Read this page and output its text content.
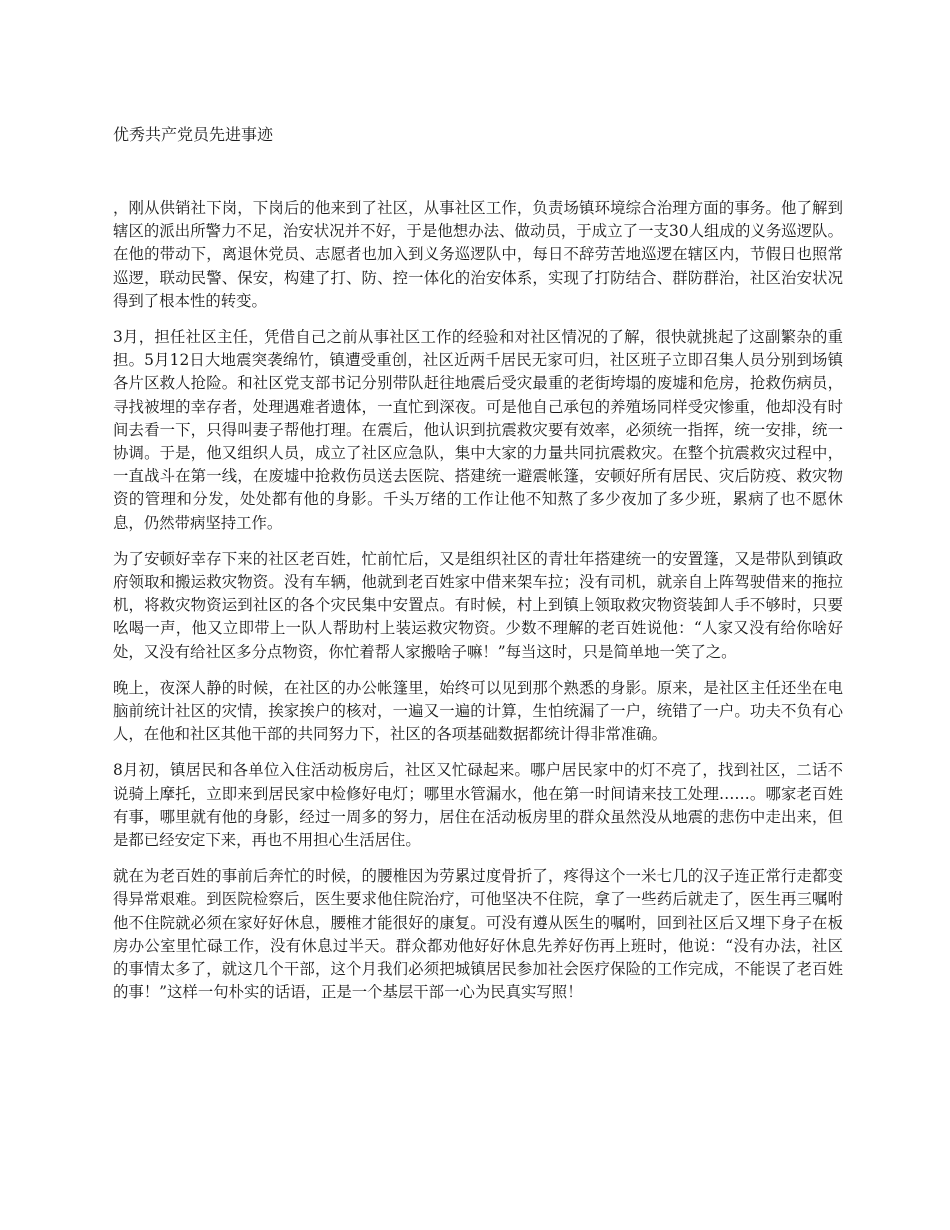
优秀共产党员先进事迹

，刚从供销社下岗，下岗后的他来到了社区，从事社区工作，负责场镇环境综合治理方面的事务。他了解到辖区的派出所警力不足，治安状况并不好，于是他想办法、做动员，于成立了一支30人组成的义务巡逻队。在他的带动下，离退休党员、志愿者也加入到义务巡逻队中，每日不辞劳苦地巡逻在辖区内，节假日也照常巡逻，联动民警、保安，构建了打、防、控一体化的治安体系，实现了打防结合、群防群治，社区治安状况得到了根本性的转变。

3月，担任社区主任，凭借自己之前从事社区工作的经验和对社区情况的了解，很快就挑起了这副繁杂的重担。5月12日大地震突袭绵竹，镇遭受重创，社区近两千居民无家可归，社区班子立即召集人员分别到场镇各片区救人抢险。和社区党支部书记分别带队赶往地震后受灾最重的老街垮塌的废墟和危房，抢救伤病员，寻找被埋的幸存者，处理遇难者遗体，一直忙到深夜。可是他自己承包的养殖场同样受灾惨重，他却没有时间去看一下，只得叫妻子帮他打理。在震后，他认识到抗震救灾要有效率，必须统一指挥，统一安排，统一协调。于是，他又组织人员，成立了社区应急队，集中大家的力量共同抗震救灾。在整个抗震救灾过程中，一直战斗在第一线，在废墟中抢救伤员送去医院、搭建统一避震帐篷，安顿好所有居民、灾后防疫、救灾物资的管理和分发，处处都有他的身影。千头万绪的工作让他不知熬了多少夜加了多少班，累病了也不愿休息，仍然带病坚持工作。

为了安顿好幸存下来的社区老百姓，忙前忙后，又是组织社区的青壮年搭建统一的安置篷，又是带队到镇政府领取和搬运救灾物资。没有车辆，他就到老百姓家中借来架车拉；没有司机，就亲自上阵驾驶借来的拖拉机，将救灾物资运到社区的各个灾民集中安置点。有时候，村上到镇上领取救灾物资装卸人手不够时，只要吆喝一声，他又立即带上一队人帮助村上装运救灾物资。少数不理解的老百姓说他：“人家又没有给你啥好处，又没有给社区多分点物资，你忙着帮人家搬啥子嘛！”每当这时，只是简单地一笑了之。

晚上，夜深人静的时候，在社区的办公帐篷里，始终可以见到那个熟悉的身影。原来，是社区主任还坐在电脑前统计社区的灾情，挨家挨户的核对，一遍又一遍的计算，生怕统漏了一户，统错了一户。功夫不负有心人，在他和社区其他干部的共同努力下，社区的各项基础数据都统计得非常准确。

8月初，镇居民和各单位入住活动板房后，社区又忙碌起来。哪户居民家中的灯不亮了，找到社区，二话不说骑上摩托，立即来到居民家中检修好电灯；哪里水管漏水，他在第一时间请来技工处理……。哪家老百姓有事，哪里就有他的身影，经过一周多的努力，居住在活动板房里的群众虽然没从地震的悲伤中走出来，但是都已经安定下来，再也不用担心生活居住。

就在为老百姓的事前后奔忙的时候，的腰椎因为劳累过度骨折了，疼得这个一米七几的汉子连正常行走都变得异常艰难。到医院检察后，医生要求他住院治疗，可他坚决不住院，拿了一些药后就走了，医生再三嘱咐他不住院就必须在家好好休息，腰椎才能很好的康复。可没有遵从医生的嘱咐，回到社区后又埋下身子在板房办公室里忙碌工作，没有休息过半天。群众都劝他好好休息先养好伤再上班时，他说：“没有办法，社区的事情太多了，就这几个干部，这个月我们必须把城镇居民参加社会医疗保险的工作完成，不能误了老百姓的事！”这样一句朴实的话语，正是一个基层干部一心为民真实写照！
